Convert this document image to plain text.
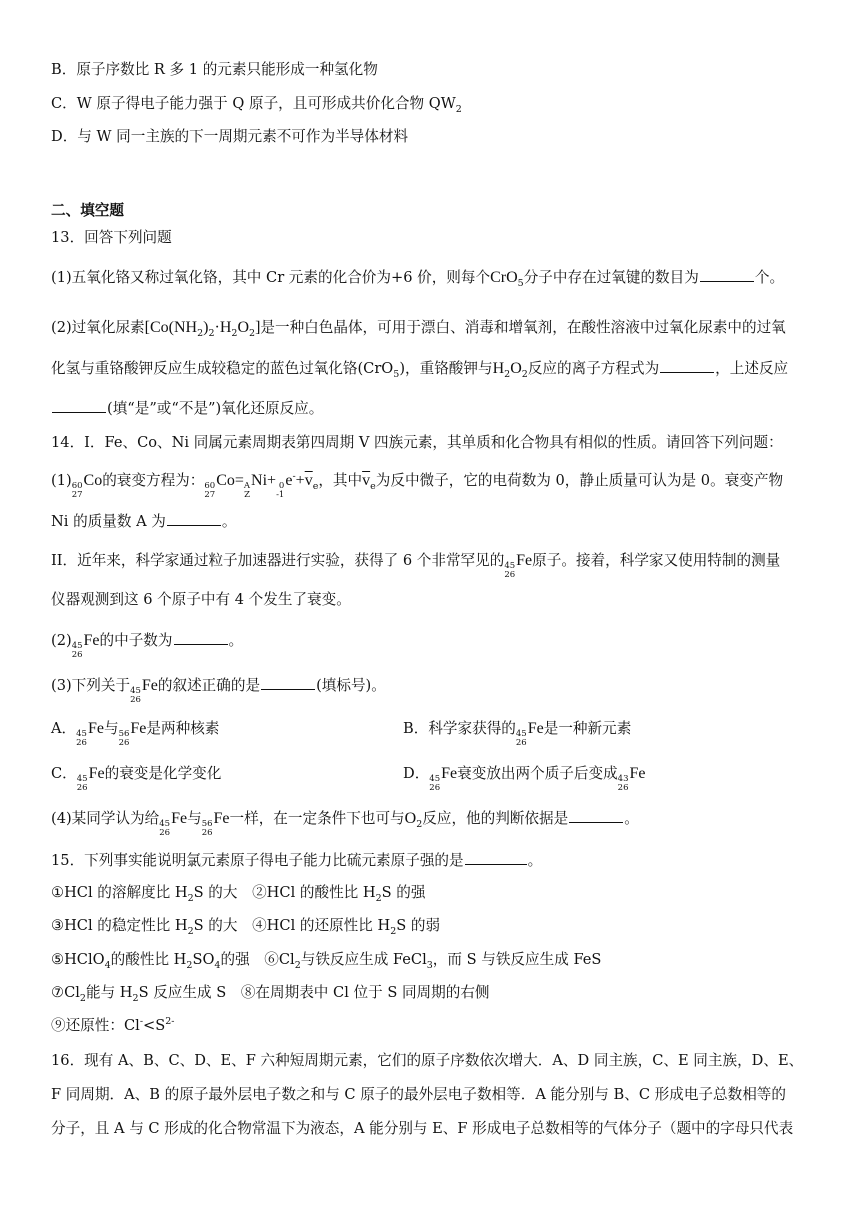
B．原子序数比 R 多 1 的元素只能形成一种氢化物
C．W 原子得电子能力强于 Q 原子，且可形成共价化合物 $QW_2$
D．与 W 同一主族的下一周期元素不可作为半导体材料
二、填空题
13．回答下列问题
(1)五氧化铬又称过氧化铬，其中 Cr 元素的化合价为+6 价，则每个CrO$_5$分子中存在过氧键的数目为	个。
(2)过氧化尿素$[Co(NH_2)_2\cdot H_2O_2]$是一种白色晶体，可用于漂白、消毒和增氧剂，在酸性溶液中过氧化尿素中的过氧
化氢与重铬酸钾反应生成较稳定的蓝色过氧化铬(CrO$_5$)，重铬酸钾与$H_2O_2$反应的离子方程式为	，上述反应
(填“是”或“不是”)氧化还原反应。
14．I．Fe、Co、Ni 同属元素周期表第四周期 V 四族元素，其单质和化合物具有相似的性质。请回答下列问题：
(1) 60
27
Co的衰变方程为： 60
27
Co= A
Z
Ni+ 0
-1
$e^-+\overline{v}_e$，其中$\overline{v}_e$为反中微子，它的电荷数为 0，静止质量可认为是 0。衰变产物
Ni 的质量数 A 为	。
II．近年来，科学家通过粒子加速器进行实验，获得了 6 个非常罕见的 45
26
Fe原子。接着，科学家又使用特制的测量
仪器观测到这 6 个原子中有 4 个发生了衰变。
(2) 45
26
Fe的中子数为	。
(3)下列关于 45
26
Fe的叙述正确的是	(填标号)。
A． 45
26
Fe与 56
26
Fe是两种核素	B．科学家获得的 45
26
Fe是一种新元素
C． 45
26
Fe的衰变是化学变化	D． 45
26
Fe衰变放出两个质子后变成 43
26
Fe
(4)某同学认为给 45
26
Fe与 56
26
Fe一样，在一定条件下也可与$O_2$反应，他的判断依据是	。
15．下列事实能说明氯元素原子得电子能力比硫元素原子强的是	。
①HCl 的溶解度比 $H_2S$ 的大　②HCl 的酸性比 $H_2S$ 的强
③HCl 的稳定性比 $H_2S$ 的大　④HCl 的还原性比 $H_2S$ 的弱
⑤HClO$_4$的酸性比 $H_2SO_4$的强　$⑥Cl_2$与铁反应生成 FeCl$_3$，而 S 与铁反应生成 FeS
$⑦Cl_2$能与 $H_2S$ 反应生成 S　⑧在周期表中 Cl 位于 S 同周期的右侧
⑨还原性：$Cl^-<S^{2-}$
16．现有 A、B、C、D、E、F 六种短周期元素，它们的原子序数依次增大．A、D 同主族，C、E 同主族，D、E、
F 同周期．A、B 的原子最外层电子数之和与 C 原子的最外层电子数相等．A 能分别与 B、C 形成电子总数相等的
分子，且 A 与 C 形成的化合物常温下为液态，A 能分别与 E、F 形成电子总数相等的气体分子（题中的字母只代表
